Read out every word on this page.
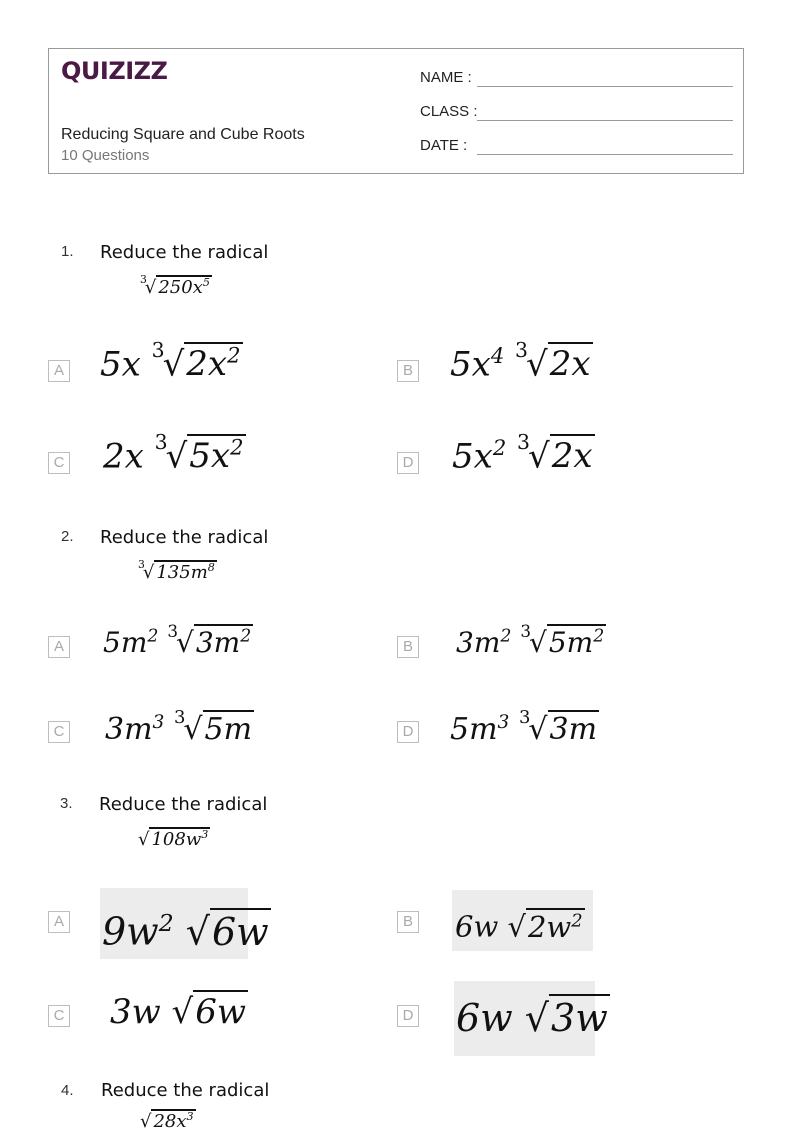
QUIZIZZ
Reducing Square and Cube Roots
10 Questions
NAME :
CLASS :
DATE :
1. Reduce the radical
$^3$√ $250x^5$
A 5x $^3√2x^2$
B $5x^4$ $^3$√2x
C 2x $^3√5x^2$
D $5x^2$ $^3$√2x
2. Reduce the radical
$^3$√ $135m^8$
A $5m^2$ $^3√3m^2$	B $3m^2$ $^3√5m^2$
C $3m^3$ $^3$√5m	D $5m^3$ $^3$√3m
3. Reduce the radical
√ $108w^3$
A $9w^2$ √6w	B 6w $√2w^2$
C 3w √6w	D 6w √3w
4. Reduce the radical
√ $28x^3$
